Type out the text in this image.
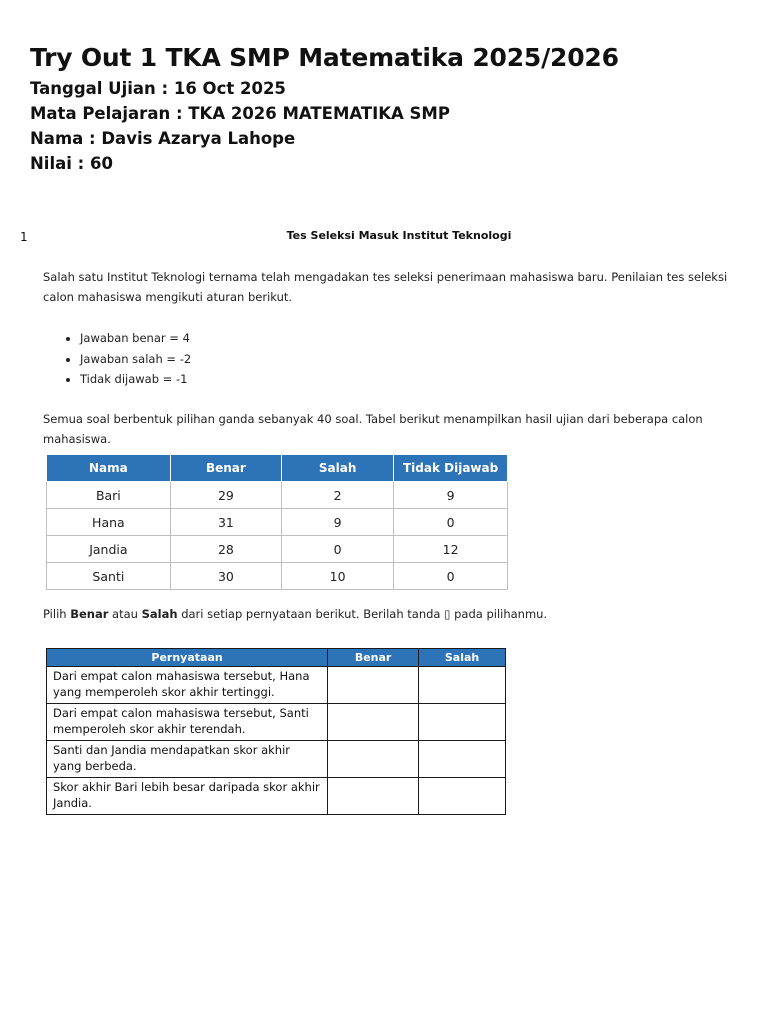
Try Out 1 TKA SMP Matematika 2025/2026

Tanggal Ujian : 16 Oct 2025

Mata Pelajaran : TKA 2026 MATEMATIKA SMP

Nama : Davis Azarya Lahope

Nilai : 60

1	Tes Seleksi Masuk Institut Teknologi
Salah satu Institut Teknologi ternama telah mengadakan tes seleksi penerimaan mahasiswa baru. Penilaian tes seleksi calon mahasiswa mengikuti aturan berikut.
• Jawaban benar = 4
• Jawaban salah = -2
• Tidak dijawab = -1
Semua soal berbentuk pilihan ganda sebanyak 40 soal. Tabel berikut menampilkan hasil ujian dari beberapa calon mahasiswa.
Nama	Benar	Salah	Tidak Dijawab
Bari	29	2	9
Hana	31	9	0
Jandia	28	0	12
Santi	30	10	0
Pilih Benar atau Salah dari setiap pernyataan berikut. Berilah tanda ▯ pada pilihanmu.
Pernyataan	Benar	Salah
Dari empat calon mahasiswa tersebut, Hana yang memperoleh skor akhir tertinggi.		
Dari empat calon mahasiswa tersebut, Santi memperoleh skor akhir terendah.		
Santi dan Jandia mendapatkan skor akhir yang berbeda.		
Skor akhir Bari lebih besar daripada skor akhir Jandia.		
